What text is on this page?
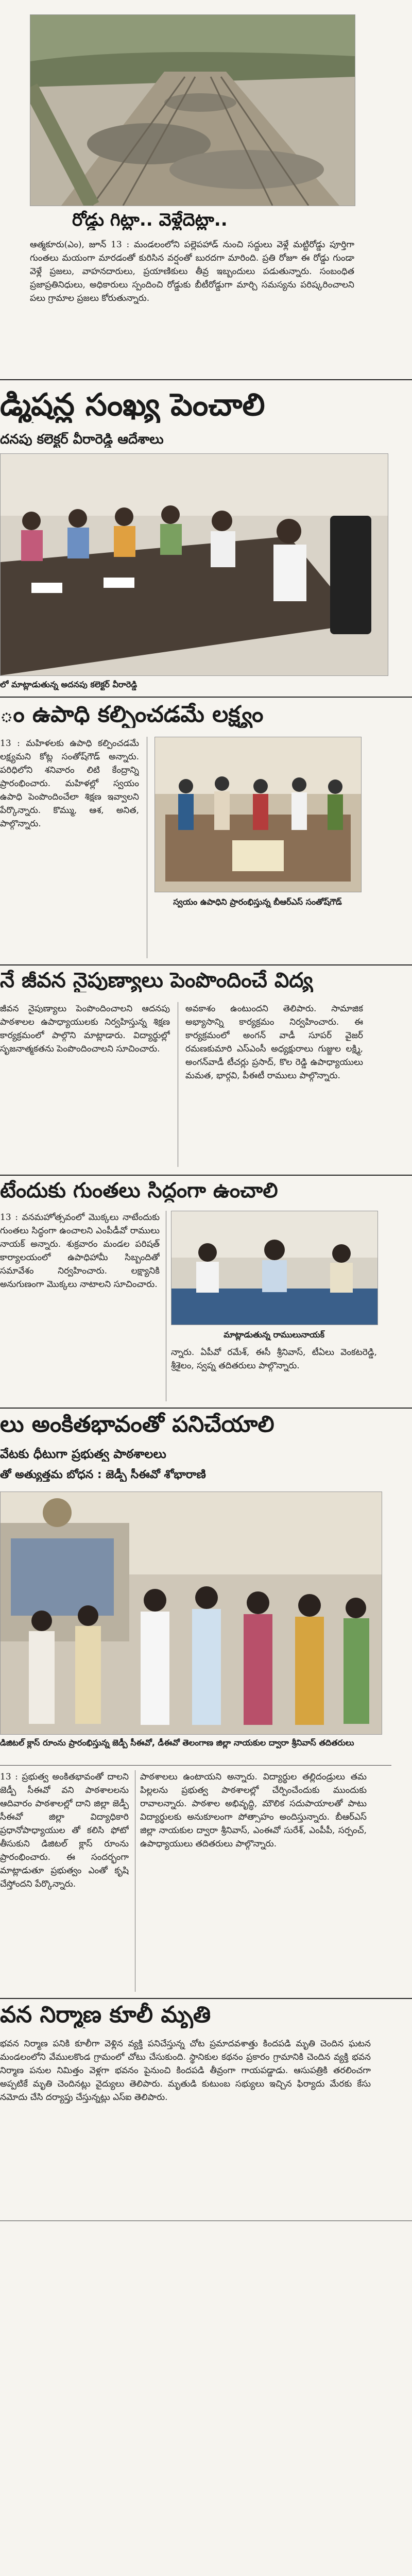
రోడ్డు గిట్లా.. వెళ్లేదెట్లా..
ఆత్మకూరు(ఎం), జూన్ 13 : మండలంలోని పల్లెపహాడ్ నుంచి సద్దులు వెళ్లే మట్టిరోడ్డు పూర్తిగా గుంతలు మయంగా మారడంతో కురిసిన వర్షంతో బురదగా మారింది. ప్రతి రోజూ ఈ రోడ్డు గుండా వెళ్లే ప్రజలు, వాహనదారులు, ప్రయాణికులు తీవ్ర ఇబ్బందులు పడుతున్నారు. సంబంధిత ప్రజాప్రతినిధులు, అధికారులు స్పందించి రోడ్డుకు బీటీరోడ్డుగా మార్చి సమస్యను పరిష్కరించాలని పలు గ్రామాల ప్రజలు కోరుతున్నారు.
డ్మిషన్ల సంఖ్య పెంచాలి
దనపు కలెక్టర్ వీరారెడ్డి ఆదేశాలు
లో మాట్లాడుతున్న అదనపు కలెక్టర్ వీరారెడ్డి
ం ఉపాధి కల్పించడమే లక్ష్యం
13 : మహిళలకు ఉపాధి కల్పించడమే లక్ష్యమని కోట్ల సంతోష్‌గౌడ్ అన్నారు. పరిధిలోని శనివారం లిటి కేంద్రాన్ని ప్రారంభించారు. మహిళల్లో స్వయం ఉపాధి పెంపొందించేలా శిక్షణ ఇవ్వాలని పేర్కొన్నారు. కొమ్ము, ఆశ, అనిత, పాల్గొన్నారు.
స్వయం ఉపాధిని ప్రారంభిస్తున్న బీఆర్ఎస్ సంతోష్‌గౌడ్
నే జీవన నైపుణ్యాలు పెంపొందించే విద్య
జీవన నైపుణ్యాలు పెంపొందించాలని ఆదనపు పాఠశాలల ఉపాధ్యాయులకు నిర్వహిస్తున్న శిక్షణ కార్యక్రమంలో పాల్గొని మాట్లాడారు. విద్యార్థుల్లో సృజనాత్మకతను పెంపొందించాలని సూచించారు.
అవకాశం ఉంటుందని తెలిపారు. సామాజిక అభ్యాసాన్ని కార్యక్రమం నిర్వహించారు. ఈ కార్యక్రమంలో అంగన్ వాడీ సూపర్ వైజర్ రమణకుమారి ఎస్ఎంసీ అధ్యక్షురాలు గుజ్జుల లక్ష్మి, అంగన్‌వాడీ టీచర్లు ప్రసాద్, కొల రెడ్డి ఉపాధ్యాయులు మమత, భార్గవి, పీఈటీ రాములు పాల్గొన్నారు.
టేందుకు గుంతలు సిద్ధంగా ఉంచాలి
13 : వనమహోత్సవంలో మొక్కలు నాటేందుకు గుంతలు సిద్ధంగా ఉంచాలని ఎంపీడీవో రాములు నాయక్ అన్నారు. శుక్రవారం మండల పరిషత్ కార్యాలయంలో ఉపాధిహామీ సిబ్బందితో సమావేశం నిర్వహించారు. లక్ష్యానికి అనుగుణంగా మొక్కలు నాటాలని సూచించారు.
మాట్లాడుతున్న రాములునాయక్
న్నారు. ఏపీవో రమేశ్, ఈసీ శ్రీనివాస్, టీఏలు వెంకటరెడ్డి, శ్రీశైలం, స్వప్న తదితరులు పాల్గొన్నారు.
లు అంకితభావంతో పనిచేయాలి
వేటకు ధీటుగా ప్రభుత్వ పాఠశాలలు
తో అత్యుత్తమ బోధన : జెడ్పీ సీఈవో శోభారాణి
డిజిటల్ క్లాస్ రూంను ప్రారంభిస్తున్న జెడ్పీ సీఈవో, డీఈవో తెలంగాణ జిల్లా నాయకుల ద్వారా శ్రీనివాస్ తదితరులు
13 : ప్రభుత్వ అంకితభావంతో దాలని జెడ్పీ సీఈవో వని పాఠశాలలను ఆదివారం పాఠశాలల్లో దాని జిల్లా జెడ్పీ సీఈవో జిల్లా విద్యాధికారి ప్రధానోపాధ్యాయుల తో కలిసి ఫోటో తీసుకుని డిజిటల్ క్లాస్ రూంను ప్రారంభించారు. ఈ సందర్భంగా మాట్లాడుతూ ప్రభుత్వం ఎంతో కృషి చేస్తోందని పేర్కొన్నారు.
పాఠశాలలు ఉంటాయని అన్నారు. విద్యార్థుల తల్లిదండ్రులు తమ పిల్లలను ప్రభుత్వ పాఠశాలల్లో చేర్పించేందుకు ముందుకు రావాలన్నారు. పాఠశాల అభివృద్ధి, మౌలిక సదుపాయాలతో పాటు విద్యార్థులకు అనుకూలంగా పోత్సాహం అందిస్తున్నారు. బీఆర్ఎస్ జిల్లా నాయకుల ద్వారా శ్రీనివాస్, ఎంఈవో సురేశ్, ఎంపీపీ, సర్పంచ్, ఉపాధ్యాయులు తదితరులు పాల్గొన్నారు.
వన నిర్మాణ కూలీ మృతి
భవన నిర్మాణ పనికి కూలీగా వెళ్లిన వ్యక్తి పనిచేస్తున్న చోట ప్రమాదవశాత్తు కిందపడి మృతి చెందిన ఘటన మండలంలోని వేములకొండ గ్రామంలో చోటు చేసుకుంది. స్థానికుల కథనం ప్రకారం గ్రామానికి చెందిన వ్యక్తి భవన నిర్మాణ పనుల నిమిత్తం వెళ్లగా భవనం పైనుంచి కిందపడి తీవ్రంగా గాయపడ్డాడు. ఆసుపత్రికి తరలించగా అప్పటికే మృతి చెందినట్లు వైద్యులు తెలిపారు. మృతుడి కుటుంబ సభ్యులు ఇచ్చిన ఫిర్యాదు మేరకు కేసు నమోదు చేసి దర్యాప్తు చేస్తున్నట్లు ఎస్ఐ తెలిపారు.
